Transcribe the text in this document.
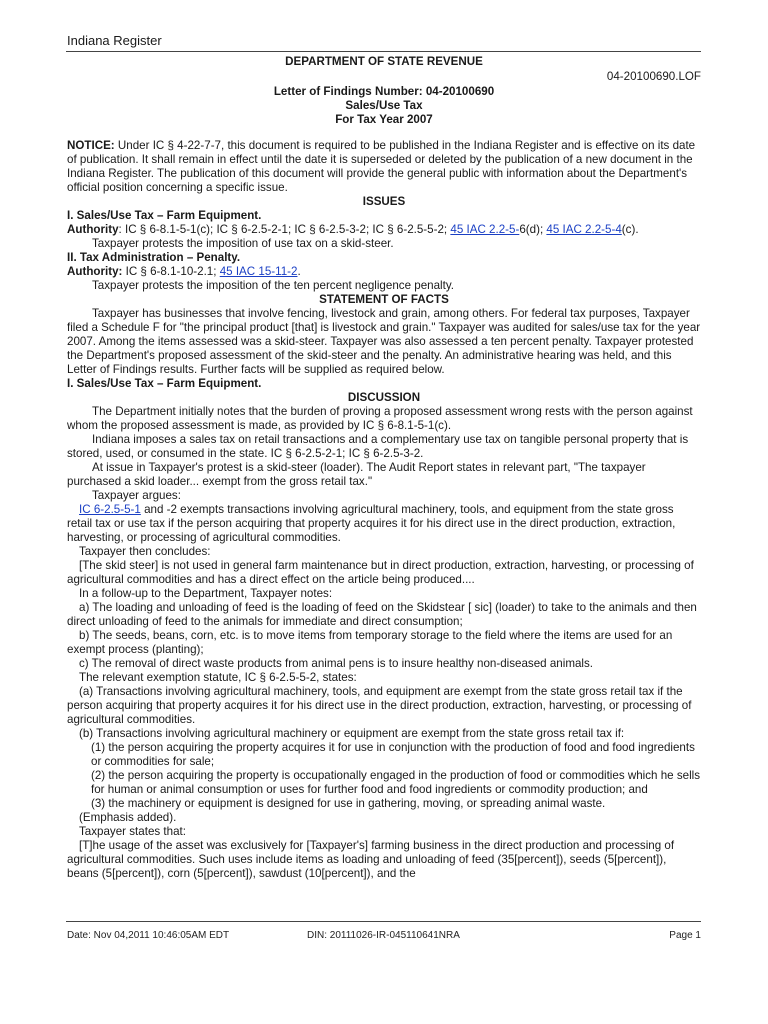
Indiana Register

DEPARTMENT OF STATE REVENUE

04-20100690.LOF

Letter of Findings Number: 04-20100690

Sales/Use Tax

For Tax Year 2007

NOTICE: Under IC § 4-22-7-7, this document is required to be published in the Indiana Register and is effective on its date of publication. It shall remain in effect until the date it is superseded or deleted by the publication of a new document in the Indiana Register. The publication of this document will provide the general public with information about the Department's official position concerning a specific issue.

ISSUES

I. Sales/Use Tax – Farm Equipment.

Authority: IC § 6-8.1-5-1(c); IC § 6-2.5-2-1; IC § 6-2.5-3-2; IC § 6-2.5-5-2; 45 IAC 2.2-5-6(d); 45 IAC 2.2-5-4(c).

Taxpayer protests the imposition of use tax on a skid-steer.

II. Tax Administration – Penalty.

Authority: IC § 6-8.1-10-2.1; 45 IAC 15-11-2.

Taxpayer protests the imposition of the ten percent negligence penalty.

STATEMENT OF FACTS

Taxpayer has businesses that involve fencing, livestock and grain, among others. For federal tax purposes, Taxpayer filed a Schedule F for "the principal product [that] is livestock and grain." Taxpayer was audited for sales/use tax for the year 2007. Among the items assessed was a skid-steer. Taxpayer was also assessed a ten percent penalty. Taxpayer protested the Department's proposed assessment of the skid-steer and the penalty. An administrative hearing was held, and this Letter of Findings results. Further facts will be supplied as required below.

I. Sales/Use Tax – Farm Equipment.

DISCUSSION

The Department initially notes that the burden of proving a proposed assessment wrong rests with the person against whom the proposed assessment is made, as provided by IC § 6-8.1-5-1(c).

Indiana imposes a sales tax on retail transactions and a complementary use tax on tangible personal property that is stored, used, or consumed in the state. IC § 6-2.5-2-1; IC § 6-2.5-3-2.

At issue in Taxpayer's protest is a skid-steer (loader). The Audit Report states in relevant part, "The taxpayer purchased a skid loader... exempt from the gross retail tax."

Taxpayer argues:

IC 6-2.5-5-1 and -2 exempts transactions involving agricultural machinery, tools, and equipment from the state gross retail tax or use tax if the person acquiring that property acquires it for his direct use in the direct production, extraction, harvesting, or processing of agricultural commodities.

Taxpayer then concludes:

[The skid steer] is not used in general farm maintenance but in direct production, extraction, harvesting, or processing of agricultural commodities and has a direct effect on the article being produced....

In a follow-up to the Department, Taxpayer notes:

a) The loading and unloading of feed is the loading of feed on the Skidstear [ sic] (loader) to take to the animals and then direct unloading of feed to the animals for immediate and direct consumption;

b) The seeds, beans, corn, etc. is to move items from temporary storage to the field where the items are used for an exempt process (planting);

c) The removal of direct waste products from animal pens is to insure healthy non-diseased animals.

The relevant exemption statute, IC § 6-2.5-5-2, states:

(a) Transactions involving agricultural machinery, tools, and equipment are exempt from the state gross retail tax if the person acquiring that property acquires it for his direct use in the direct production, extraction, harvesting, or processing of agricultural commodities.

(b) Transactions involving agricultural machinery or equipment are exempt from the state gross retail tax if:

(1) the person acquiring the property acquires it for use in conjunction with the production of food and food ingredients or commodities for sale;

(2) the person acquiring the property is occupationally engaged in the production of food or commodities which he sells for human or animal consumption or uses for further food and food ingredients or commodity production; and

(3) the machinery or equipment is designed for use in gathering, moving, or spreading animal waste.

(Emphasis added).

Taxpayer states that:

[T]he usage of the asset was exclusively for [Taxpayer's] farming business in the direct production and processing of agricultural commodities. Such uses include items as loading and unloading of feed (35[percent]), seeds (5[percent]), beans (5[percent]), corn (5[percent]), sawdust (10[percent]), and the

Date: Nov 04,2011 10:46:05AM EDT	DIN: 20111026-IR-045110641NRA	Page 1
